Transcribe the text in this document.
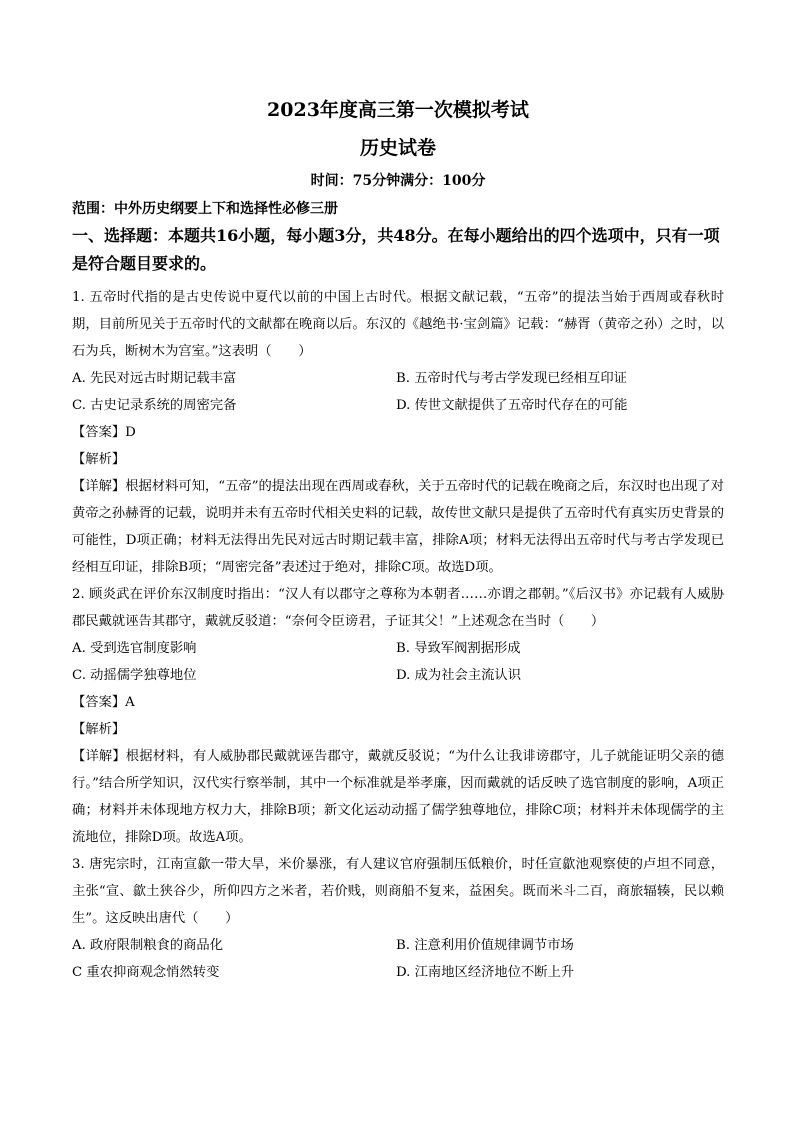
2023年度高三第一次模拟考试
历史试卷
时间：75分钟满分：100分
范围：中外历史纲要上下和选择性必修三册
一、选择题：本题共16小题，每小题3分，共48分。在每小题给出的四个选项中，只有一项是符合题目要求的。

1. 五帝时代指的是古史传说中夏代以前的中国上古时代。根据文献记载，“五帝”的提法当始于西周或春秋时期，目前所见关于五帝时代的文献都在晚商以后。东汉的《越绝书·宝剑篇》记载：“赫胥（黄帝之孙）之时，以石为兵，断树木为宫室。”这表明（　　）

A. 先民对远古时期记载丰富	B. 五帝时代与考古学发现已经相互印证
C. 古史记录系统的周密完备	D. 传世文献提供了五帝时代存在的可能
【答案】D
【解析】

【详解】根据材料可知，“五帝”的提法出现在西周或春秋，关于五帝时代的记载在晚商之后，东汉时也出现了对黄帝之孙赫胥的记载，说明并未有五帝时代相关史料的记载，故传世文献只是提供了五帝时代有真实历史背景的可能性，D项正确；材料无法得出先民对远古时期记载丰富，排除A项；材料无法得出五帝时代与考古学发现已经相互印证，排除B项；“周密完备”表述过于绝对，排除C项。故选D项。

2. 顾炎武在评价东汉制度时指出：“汉人有以郡守之尊称为本朝者……亦谓之郡朝。”《后汉书》亦记载有人威胁郡民戴就诬告其郡守，戴就反驳道：“奈何令臣谤君，子证其父！”上述观念在当时（　　）

A. 受到选官制度影响	B. 导致军阀割据形成
C. 动摇儒学独尊地位	D. 成为社会主流认识
【答案】A
【解析】

【详解】根据材料，有人威胁郡民戴就诬告郡守，戴就反驳说；“为什么让我诽谤郡守，儿子就能证明父亲的德行。”结合所学知识，汉代实行察举制，其中一个标准就是举孝廉，因而戴就的话反映了选官制度的影响，A项正确；材料并未体现地方权力大，排除B项；新文化运动动摇了儒学独尊地位，排除C项；材料并未体现儒学的主流地位，排除D项。故选A项。

3. 唐宪宗时，江南宣歙一带大旱，米价暴涨，有人建议官府强制压低粮价，时任宣歙池观察使的卢坦不同意，主张“宣、歙土狭谷少，所仰四方之米者，若价贱，则商船不复来，益困矣。既而米斗二百，商旅辐辏，民以赖生”。这反映出唐代（　　）

A. 政府限制粮食的商品化	B. 注意利用价值规律调节市场
C 重农抑商观念悄然转变	D. 江南地区经济地位不断上升
